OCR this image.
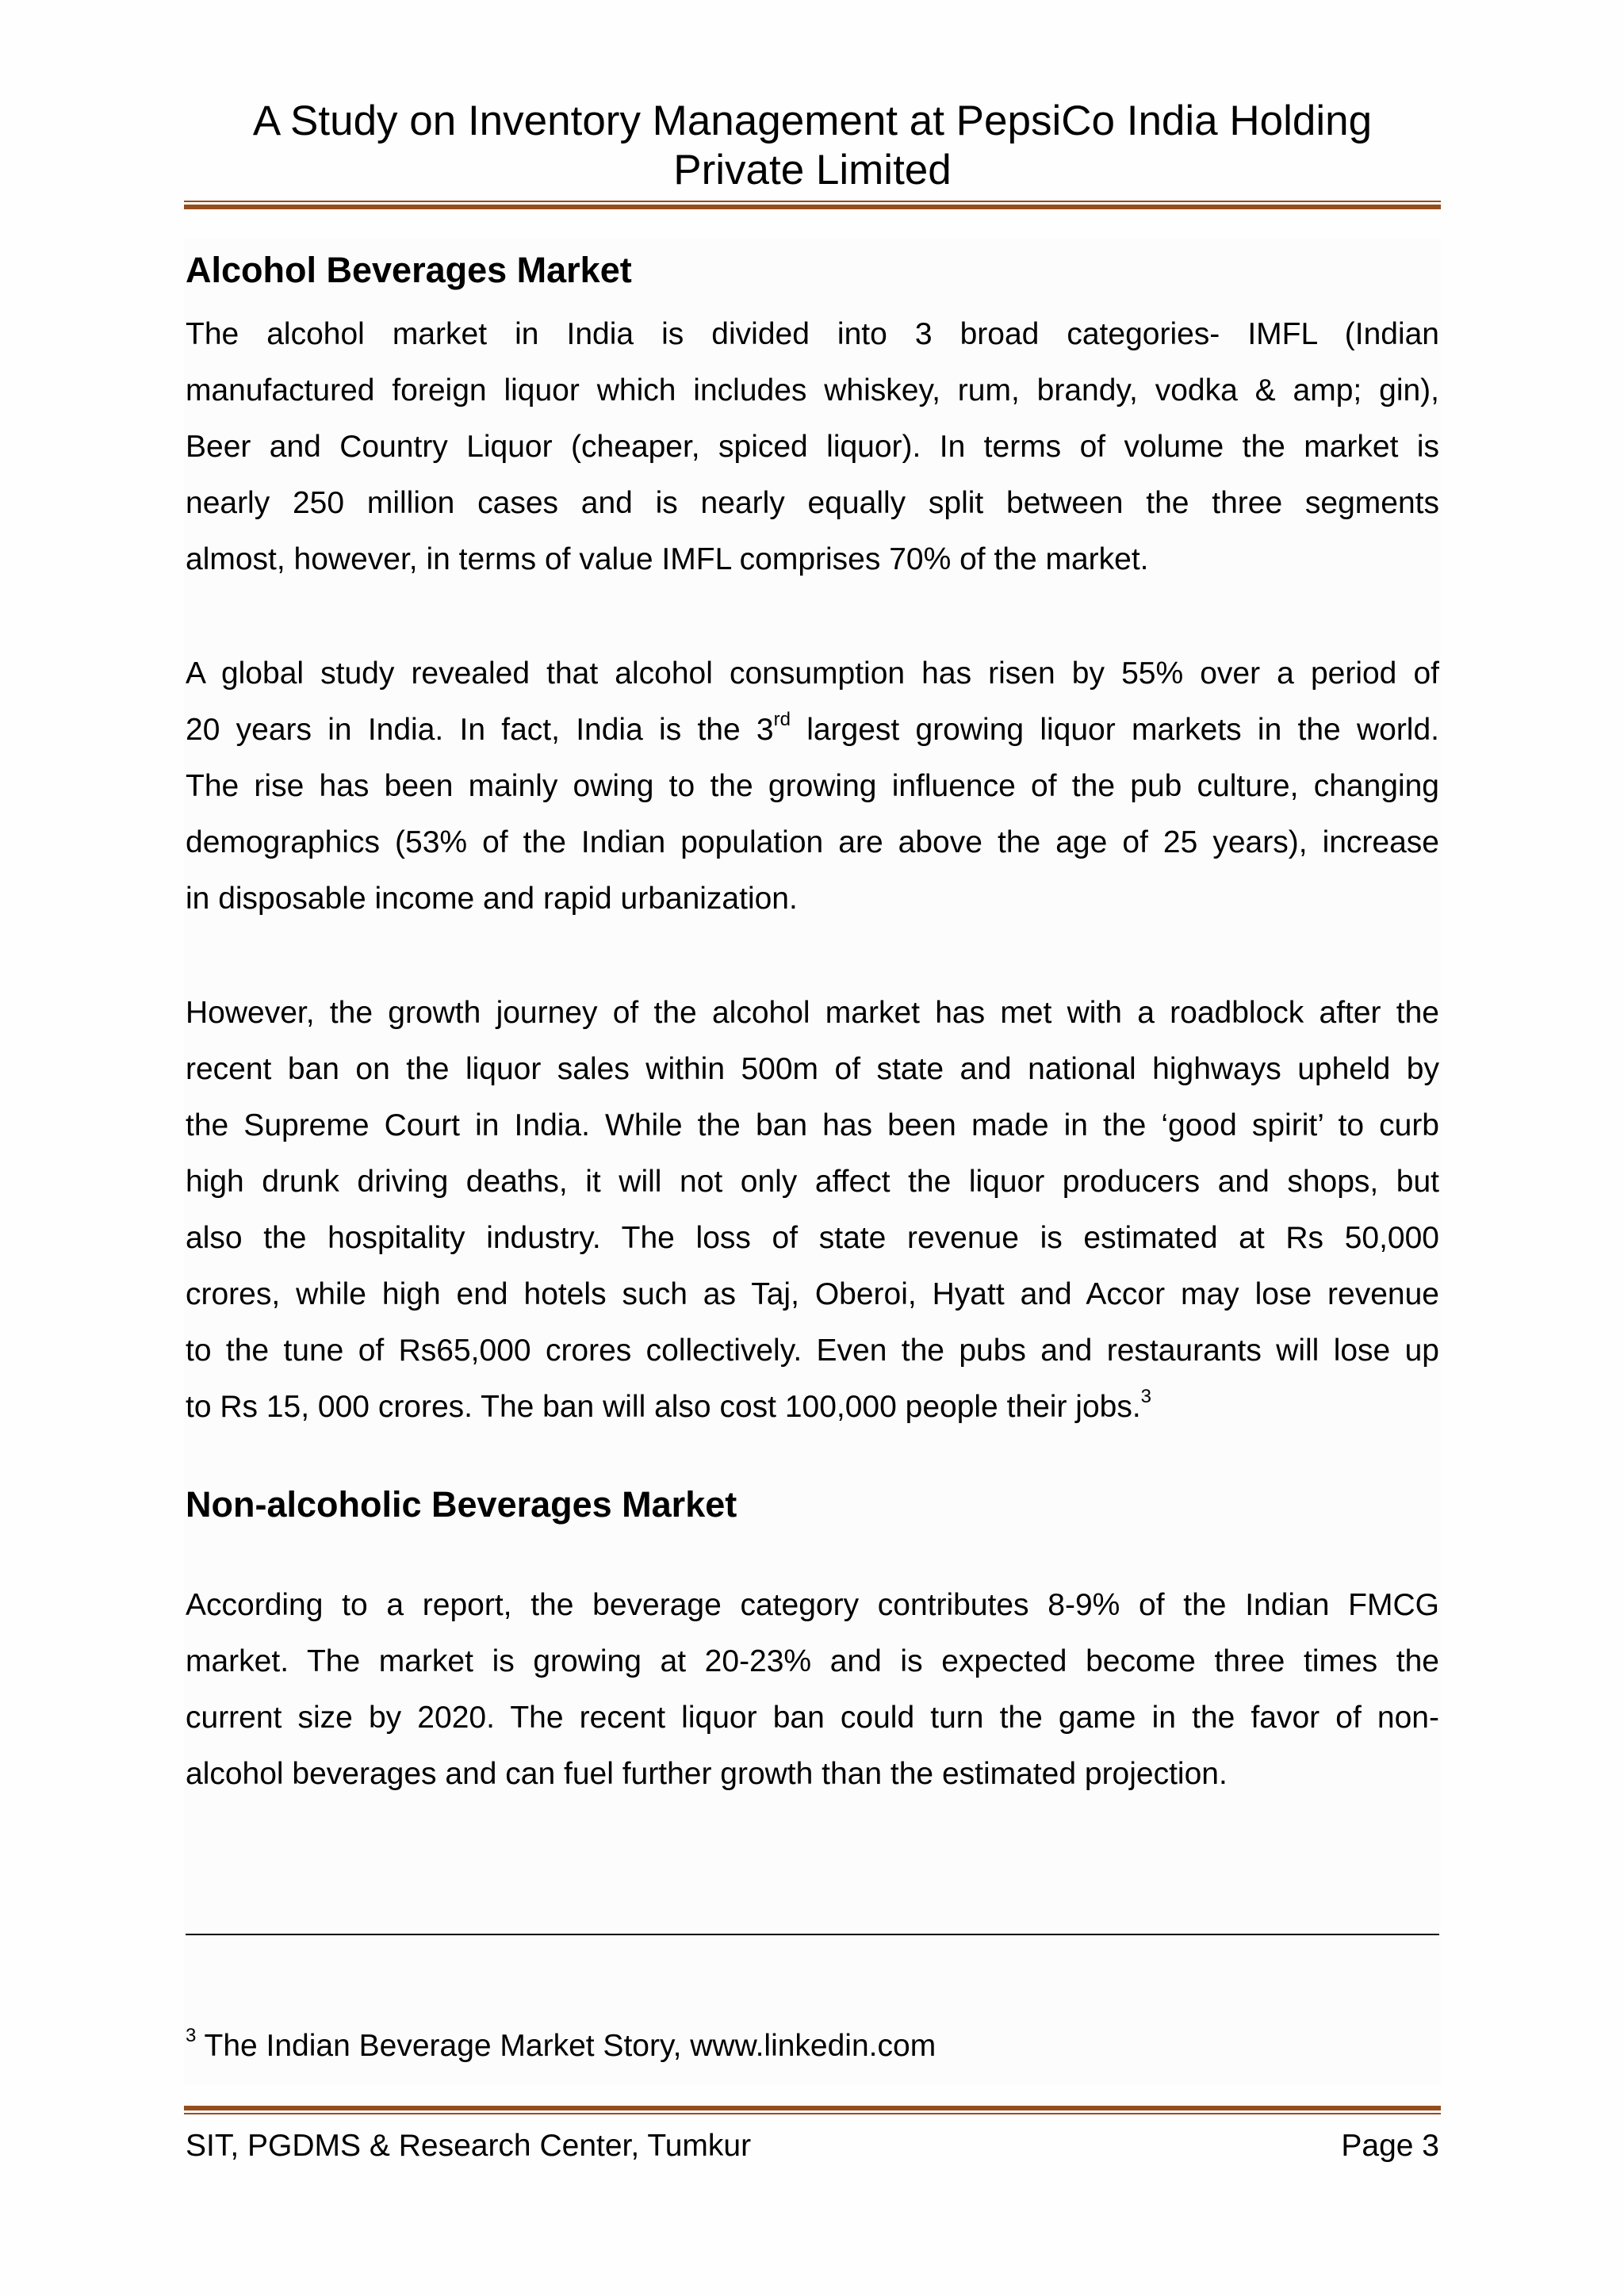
A Study on Inventory Management at PepsiCo India Holding
Private Limited
Alcohol Beverages Market
The alcohol market in India is divided into 3 broad categories- IMFL (Indian
manufactured foreign liquor which includes whiskey, rum, brandy, vodka & amp; gin),
Beer and Country Liquor (cheaper, spiced liquor). In terms of volume the market is
nearly 250 million cases and is nearly equally split between the three segments
almost, however, in terms of value IMFL comprises 70% of the market.
A global study revealed that alcohol consumption has risen by 55% over a period of
20 years in India. In fact, India is the 3rd largest growing liquor markets in the world.
The rise has been mainly owing to the growing influence of the pub culture, changing
demographics (53% of the Indian population are above the age of 25 years), increase
in disposable income and rapid urbanization.
However, the growth journey of the alcohol market has met with a roadblock after the
recent ban on the liquor sales within 500m of state and national highways upheld by
the Supreme Court in India. While the ban has been made in the ‘good spirit’ to curb
high drunk driving deaths, it will not only affect the liquor producers and shops, but
also the hospitality industry. The loss of state revenue is estimated at Rs 50,000
crores, while high end hotels such as Taj, Oberoi, Hyatt and Accor may lose revenue
to the tune of Rs65,000 crores collectively. Even the pubs and restaurants will lose up
to Rs 15, 000 crores. The ban will also cost 100,000 people their jobs.$^3$
Non-alcoholic Beverages Market
According to a report, the beverage category contributes 8-9% of the Indian FMCG
market. The market is growing at 20-23% and is expected become three times the
current size by 2020. The recent liquor ban could turn the game in the favor of non-
alcohol beverages and can fuel further growth than the estimated projection.
$^3$ The Indian Beverage Market Story, www.linkedin.com
SIT, PGDMS & Research Center, Tumkur	Page 3
